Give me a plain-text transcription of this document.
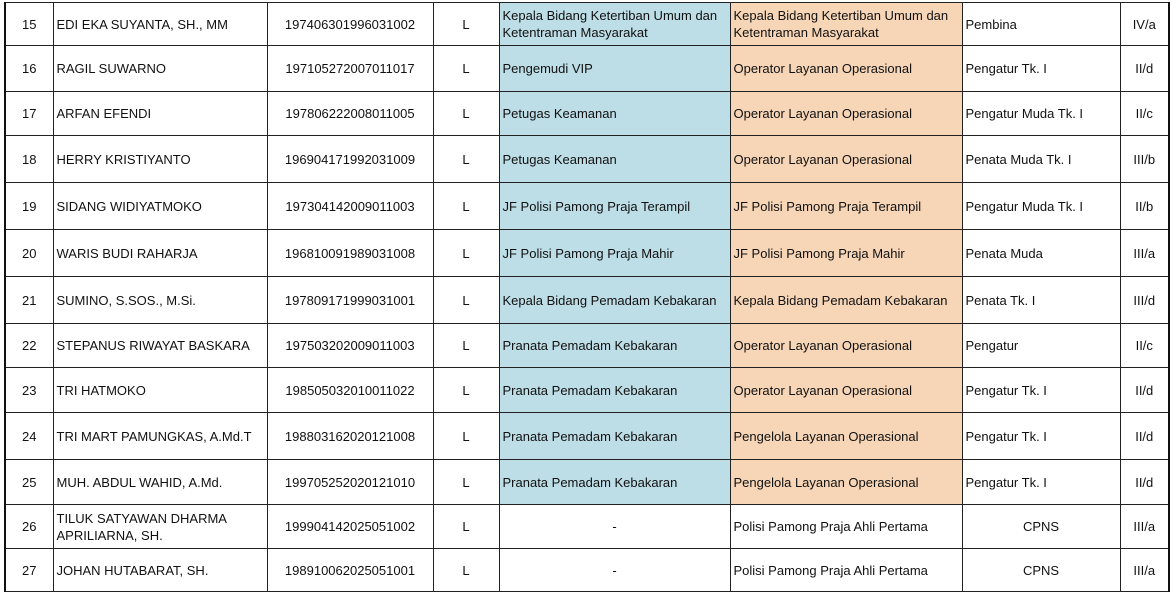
15	EDI EKA SUYANTA, SH., MM	197406301996031002	L	Kepala Bidang Ketertiban Umum dan Ketentraman Masyarakat	Kepala Bidang Ketertiban Umum dan Ketentraman Masyarakat	Pembina	IV/a
16	RAGIL SUWARNO	197105272007011017	L	Pengemudi VIP	Operator Layanan Operasional	Pengatur Tk. I	II/d
17	ARFAN EFENDI	197806222008011005	L	Petugas Keamanan	Operator Layanan Operasional	Pengatur Muda Tk. I	II/c
18	HERRY KRISTIYANTO	196904171992031009	L	Petugas Keamanan	Operator Layanan Operasional	Penata Muda Tk. I	III/b
19	SIDANG WIDIYATMOKO	197304142009011003	L	JF Polisi Pamong Praja Terampil	JF Polisi Pamong Praja Terampil	Pengatur Muda Tk. I	II/b
20	WARIS BUDI RAHARJA	196810091989031008	L	JF Polisi Pamong Praja Mahir	JF Polisi Pamong Praja Mahir	Penata Muda	III/a
21	SUMINO, S.SOS., M.Si.	197809171999031001	L	Kepala Bidang Pemadam Kebakaran	Kepala Bidang Pemadam Kebakaran	Penata Tk. I	III/d
22	STEPANUS RIWAYAT BASKARA	197503202009011003	L	Pranata Pemadam Kebakaran	Operator Layanan Operasional	Pengatur	II/c
23	TRI HATMOKO	198505032010011022	L	Pranata Pemadam Kebakaran	Operator Layanan Operasional	Pengatur Tk. I	II/d
24	TRI MART PAMUNGKAS, A.Md.T	198803162020121008	L	Pranata Pemadam Kebakaran	Pengelola Layanan Operasional	Pengatur Tk. I	II/d
25	MUH. ABDUL WAHID, A.Md.	199705252020121010	L	Pranata Pemadam Kebakaran	Pengelola Layanan Operasional	Pengatur Tk. I	II/d
26	TILUK SATYAWAN DHARMA APRILIARNA, SH.	199904142025051002	L	-	Polisi Pamong Praja Ahli Pertama	CPNS	III/a
27	JOHAN HUTABARAT, SH.	198910062025051001	L	-	Polisi Pamong Praja Ahli Pertama	CPNS	III/a
